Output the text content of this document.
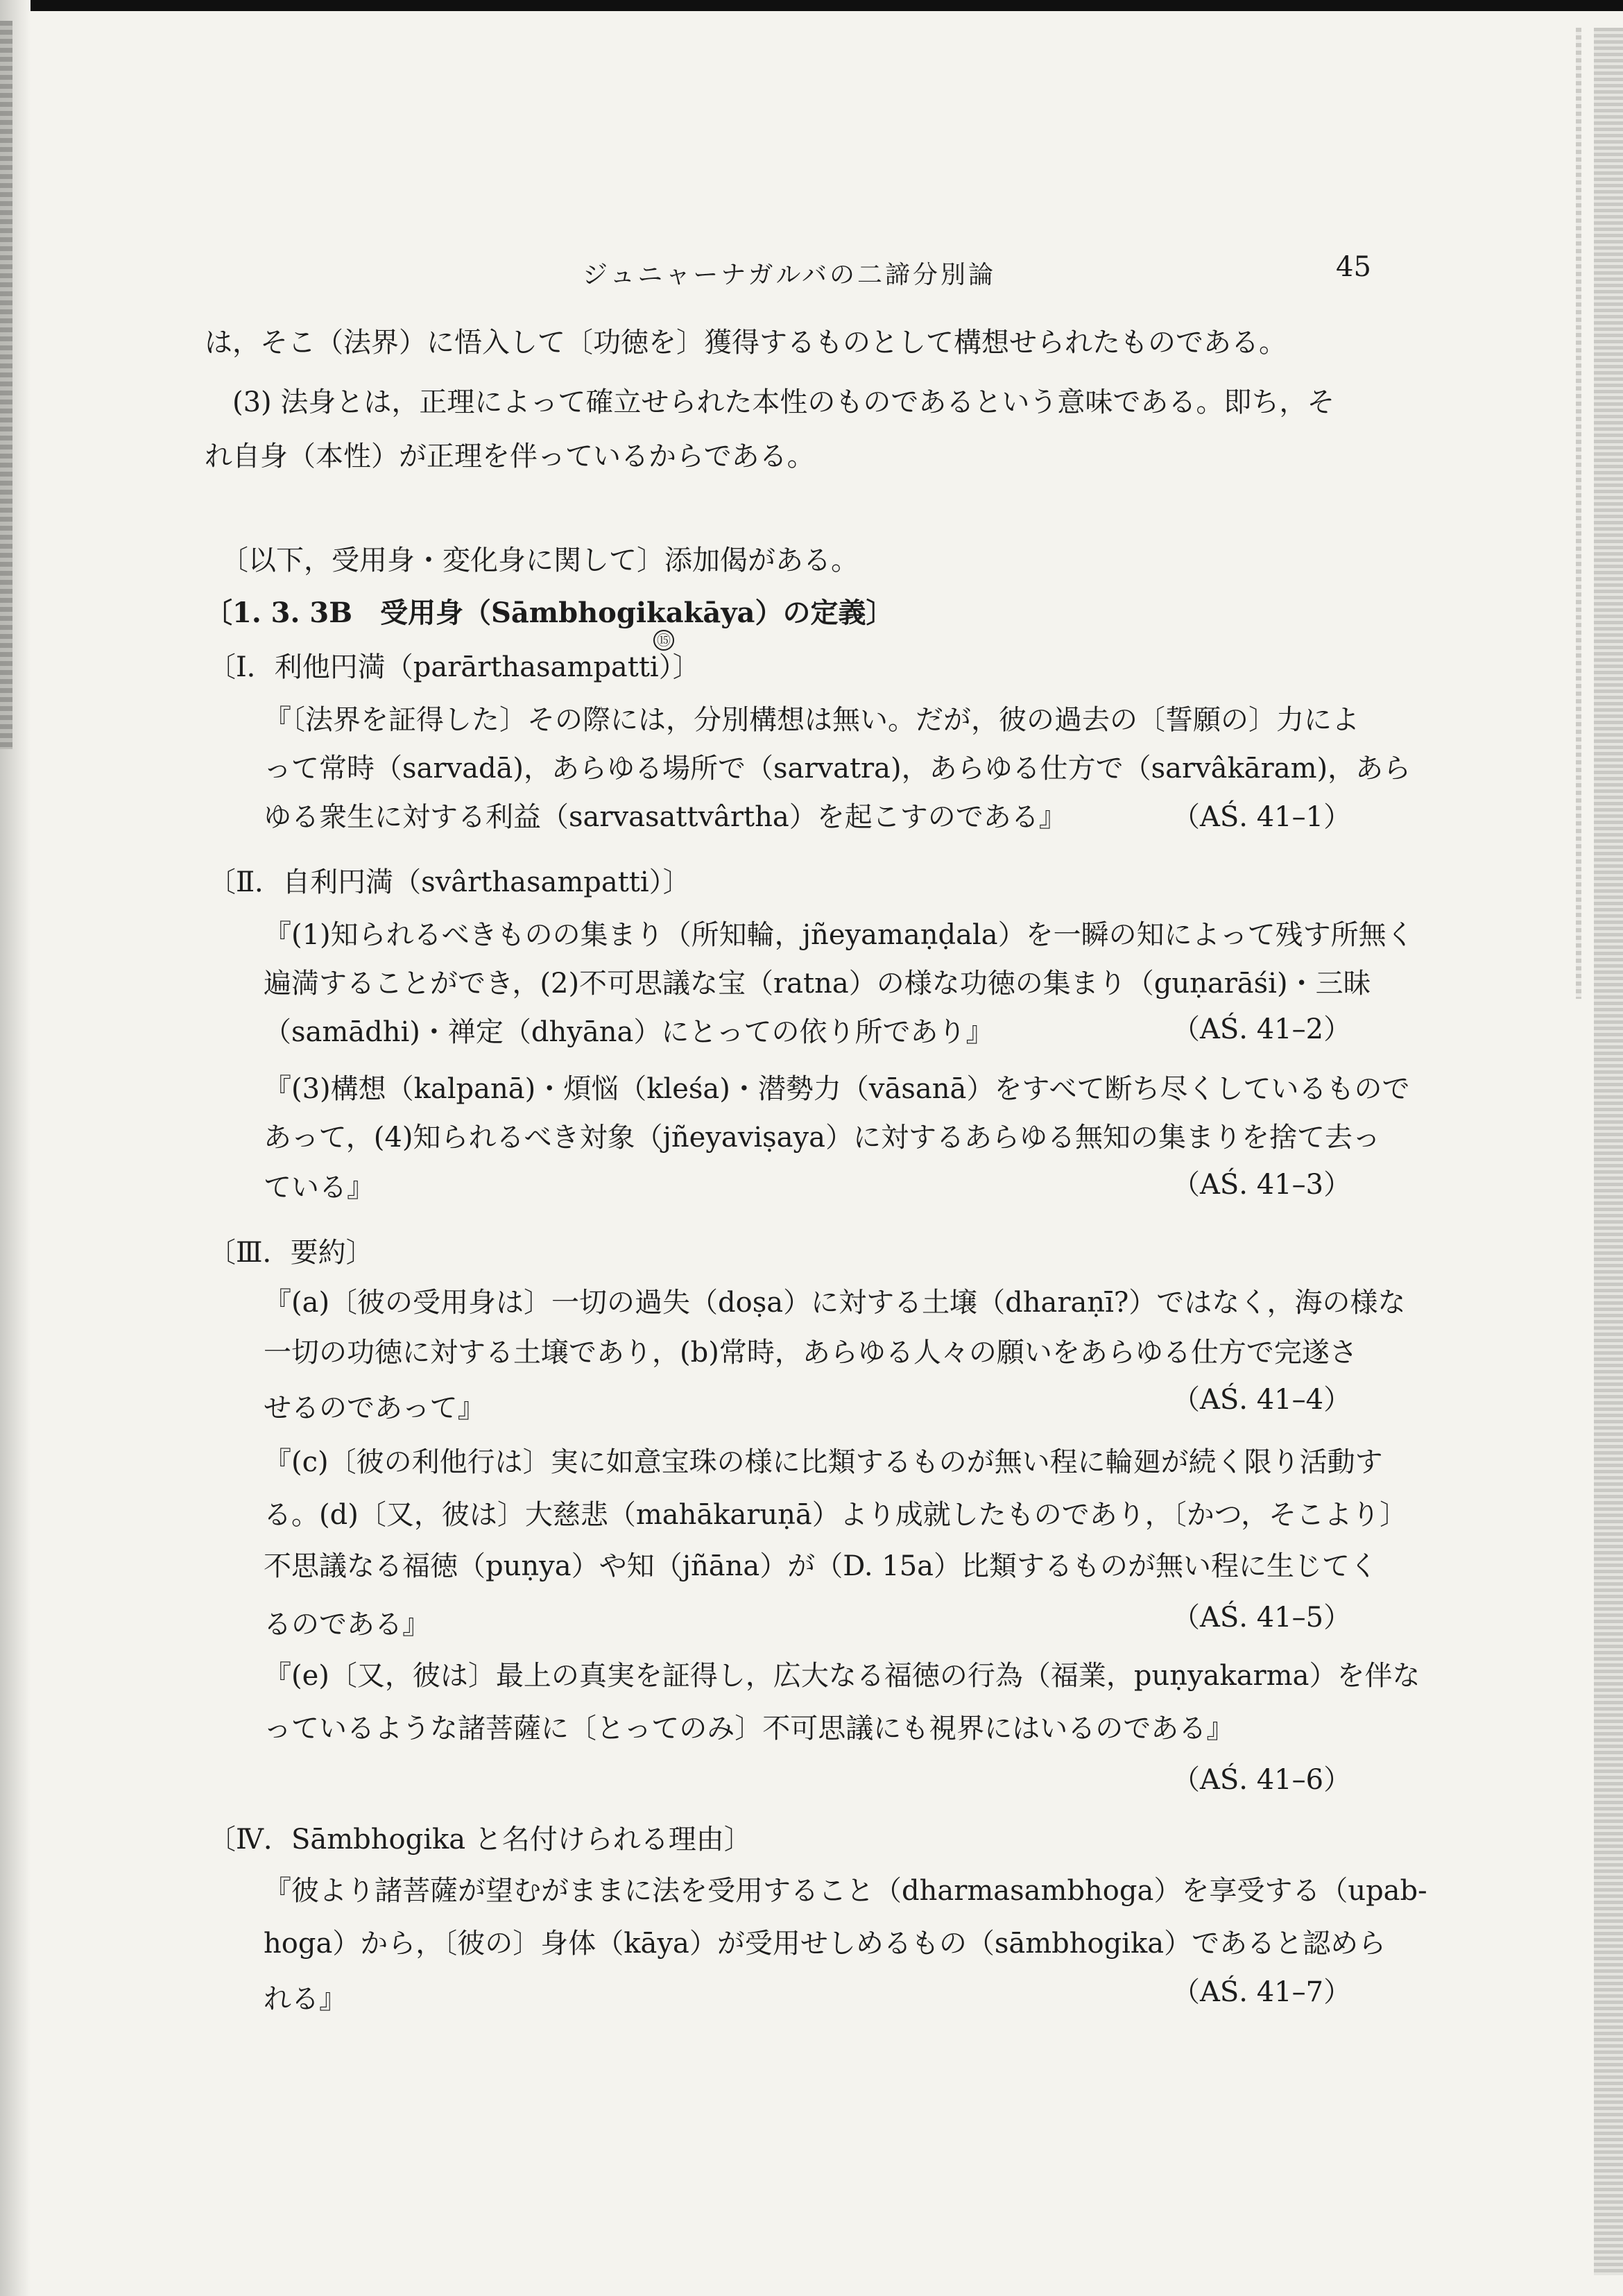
ジュニャーナガルバの二諦分別論	45
は，そこ（法界）に悟入して〔功徳を〕獲得するものとして構想せられたものである。
(3) 法身とは，正理によって確立せられた本性のものであるという意味である。即ち，そ
れ自身（本性）が正理を伴っているからである。
〔以下，受用身・変化身に関して〕添加偈がある。
〔1. 3. 3B　受用身（Sāmbhogikakāya）の定義〕
⑮
〔Ⅰ．利他円満（parārthasampatti）〕
『〔法界を証得した〕その際には，分別構想は無い。だが，彼の過去の〔誓願の〕力によ
って常時（sarvadā)，あらゆる場所で（sarvatra)，あらゆる仕方で（sarvâkāram)，あら
ゆる衆生に対する利益（sarvasattvârtha）を起こすのである』	（AŚ. 41–1）
〔Ⅱ．自利円満（svârthasampatti）〕
『(1)知られるべきものの集まり（所知輪，jñeyamaṇḍala）を一瞬の知によって残す所無く
遍満することができ，(2)不可思議な宝（ratna）の様な功徳の集まり（guṇarāśi)・三昧
（samādhi)・禅定（dhyāna）にとっての依り所であり』	（AŚ. 41–2）
『(3)構想（kalpanā)・煩悩（kleśa)・潜勢力（vāsanā）をすべて断ち尽くしているもので
あって，(4)知られるべき対象（jñeyaviṣaya）に対するあらゆる無知の集まりを捨て去っ
ている』	（AŚ. 41–3）
〔Ⅲ．要約〕
『(a)〔彼の受用身は〕一切の過失（doṣa）に対する土壌（dharaṇī?）ではなく，海の様な
一切の功徳に対する土壌であり，(b)常時，あらゆる人々の願いをあらゆる仕方で完遂さ
せるのであって』	（AŚ. 41–4）
『(c)〔彼の利他行は〕実に如意宝珠の様に比類するものが無い程に輪廻が続く限り活動す
る。(d)〔又，彼は〕大慈悲（mahākaruṇā）より成就したものであり，〔かつ，そこより〕
不思議なる福徳（puṇya）や知（jñāna）が（D. 15a）比類するものが無い程に生じてく
るのである』	（AŚ. 41–5）
『(e)〔又，彼は〕最上の真実を証得し，広大なる福徳の行為（福業，puṇyakarma）を伴な
っているような諸菩薩に〔とってのみ〕不可思議にも視界にはいるのである』
（AŚ. 41–6）
〔Ⅳ．Sāmbhogika と名付けられる理由〕
『彼より諸菩薩が望むがままに法を受用すること（dharmasambhoga）を享受する（upab-
hoga）から，〔彼の〕身体（kāya）が受用せしめるもの（sāmbhogika）であると認めら
れる』	（AŚ. 41–7）
